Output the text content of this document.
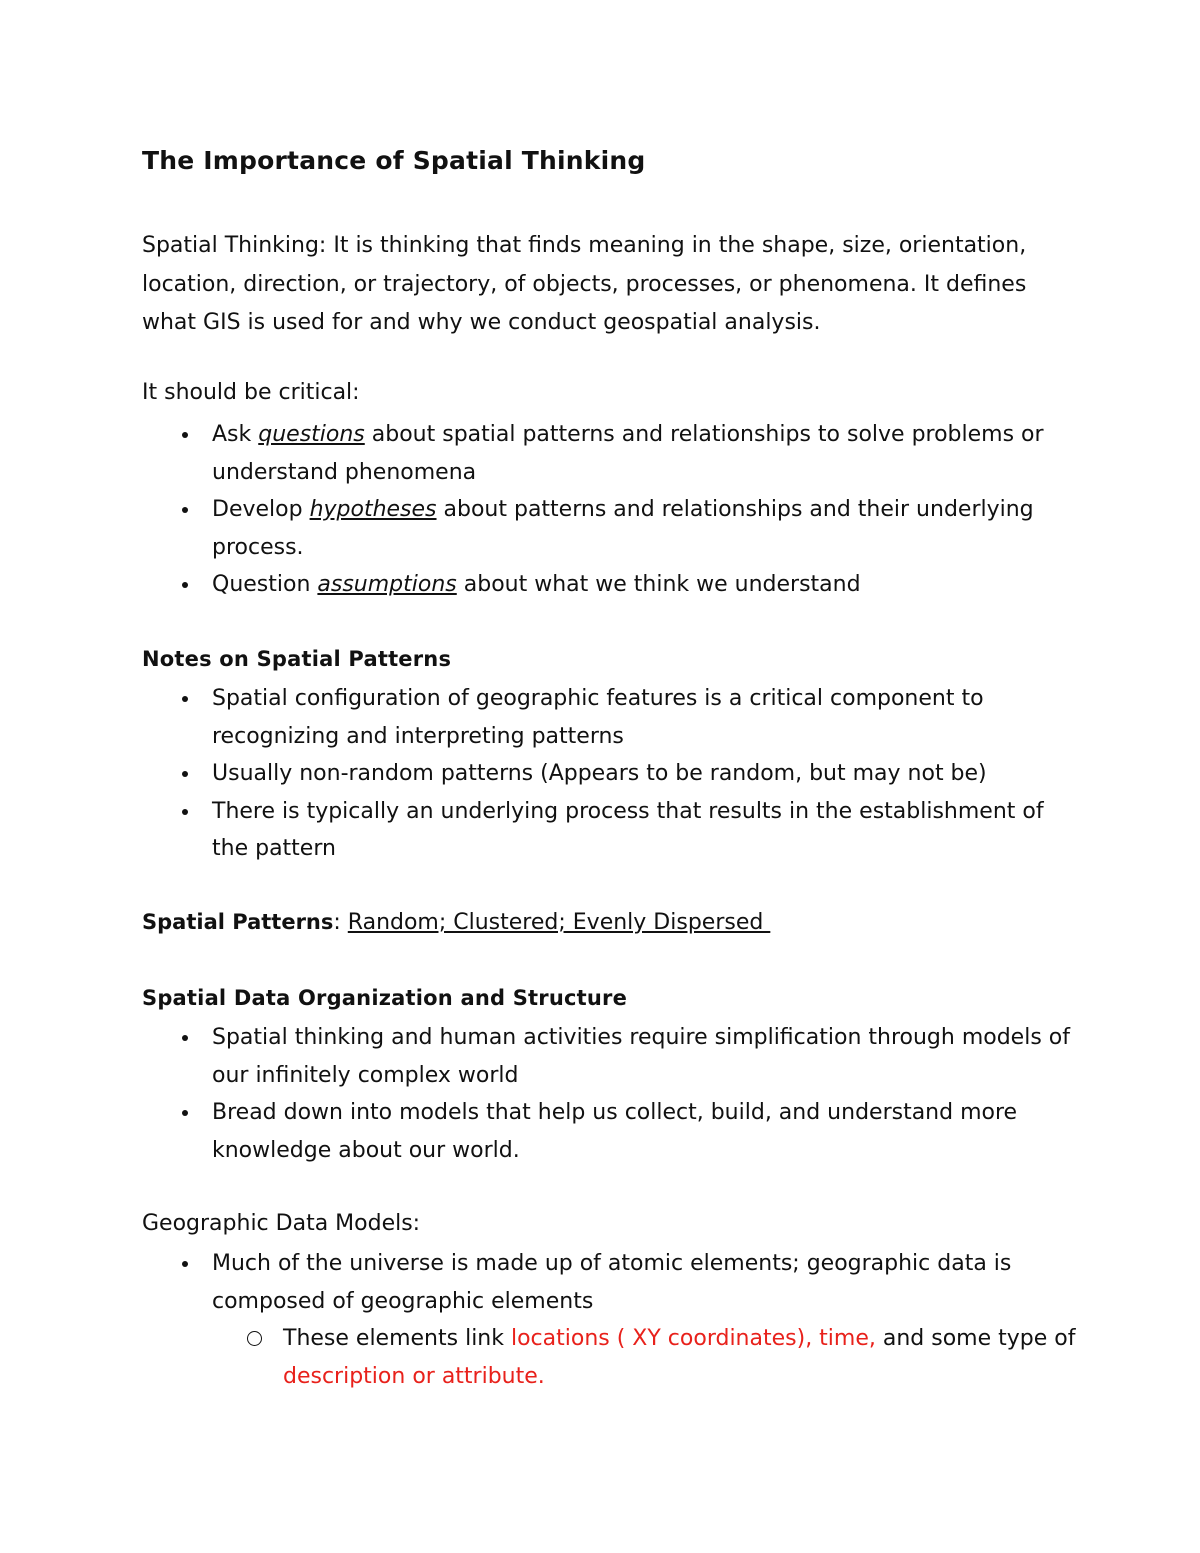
The Importance of Spatial Thinking
Spatial Thinking: It is thinking that finds meaning in the shape, size, orientation, location, direction, or trajectory, of objects, processes, or phenomena. It defines what GIS is used for and why we conduct geospatial analysis.
It should be critical:
Ask questions about spatial patterns and relationships to solve problems or understand phenomena
Develop hypotheses about patterns and relationships and their underlying process.
Question assumptions about what we think we understand
Notes on Spatial Patterns
Spatial configuration of geographic features is a critical component to recognizing and interpreting patterns
Usually non-random patterns (Appears to be random, but may not be)
There is typically an underlying process that results in the establishment of the pattern
Spatial Patterns: Random; Clustered; Evenly Dispersed
Spatial Data Organization and Structure
Spatial thinking and human activities require simplification through models of our infinitely complex world
Bread down into models that help us collect, build, and understand more knowledge about our world.
Geographic Data Models:
Much of the universe is made up of atomic elements; geographic data is composed of geographic elements
These elements link locations ( XY coordinates), time, and some type of description or attribute.
